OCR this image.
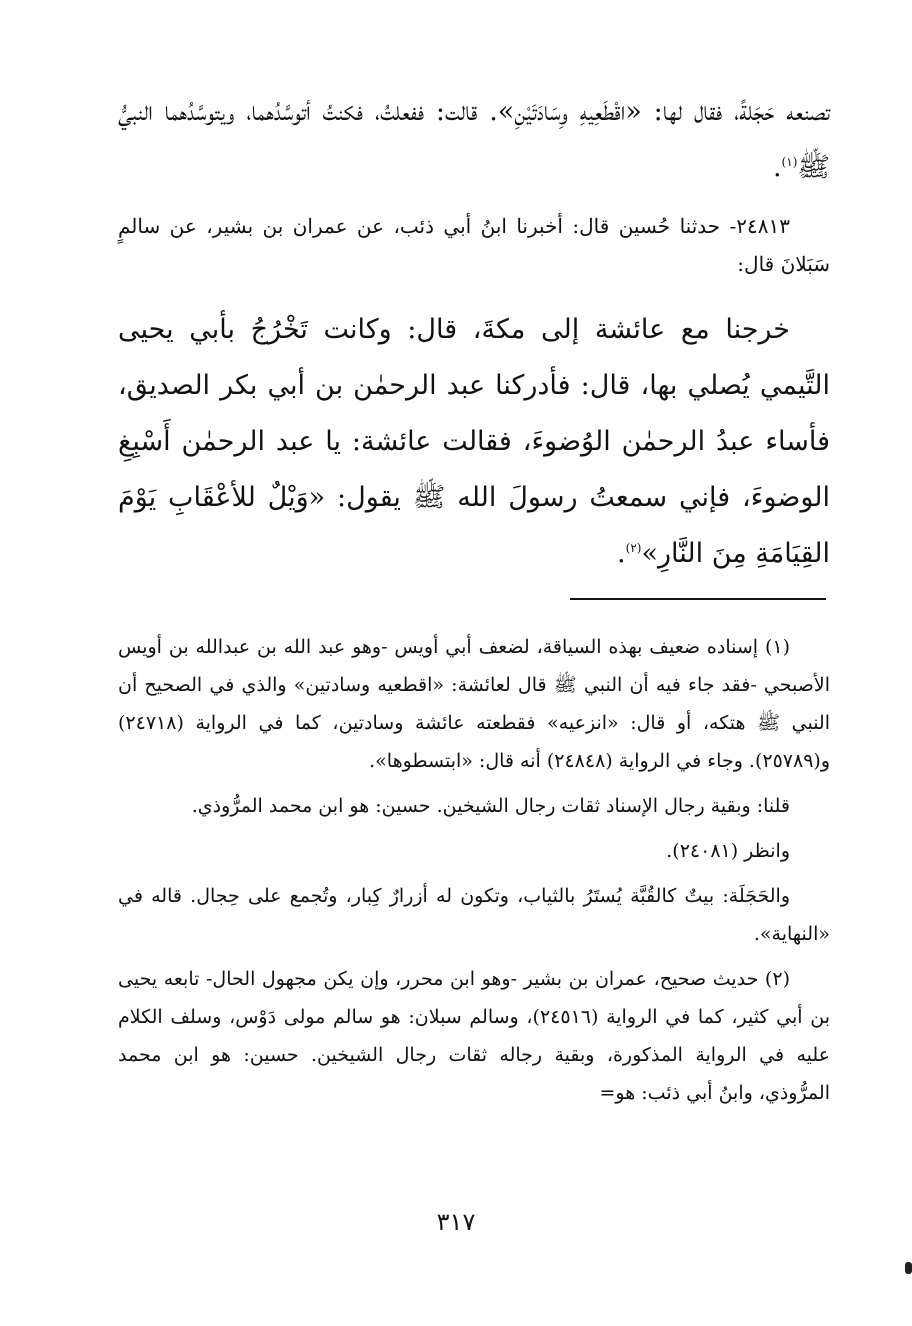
تصنعه حَجَلةً، فقال لها: «اقْطَعِيهِ وِسَادَتَيْنِ». قالت: ففعلتُ، فكنتُ أتوسَّدُهما، ويتوسَّدُهما النبيُّ ﷺ$^{(١)}$.

٢٤٨١٣- حدثنا حُسين قال: أخبرنا ابنُ أبي ذئب، عن عمران بن بشير، عن سالمٍ سَبَلانَ قال:

خرجنا مع عائشة إلى مكةَ، قال: وكانت تَخْرُجُ بأبي يحيى التَّيمي يُصلي بها، قال: فأدركنا عبد الرحمٰن بن أبي بكر الصديق، فأساء عبدُ الرحمٰن الوُضوءَ، فقالت عائشة: يا عبد الرحمٰن أَسْبِغِ الوضوءَ، فإني سمعتُ رسولَ الله ﷺ يقول: «وَيْلٌ للأعْقَابِ يَوْمَ القِيَامَةِ مِنَ النَّارِ»$^{(٢)}$.

(١) إسناده ضعيف بهذه السياقة، لضعف أبي أويس -وهو عبد الله بن عبدالله بن أويس الأصبحي -فقد جاء فيه أن النبي ﷺ قال لعائشة: «اقطعيه وسادتين» والذي في الصحيح أن النبي ﷺ هتكه، أو قال: «انزعيه» فقطعته عائشة وسادتين، كما في الرواية (٢٤٧١٨) و(٢٥٧٨٩). وجاء في الرواية (٢٤٨٤٨) أنه قال: «ابتسطوها».

قلنا: وبقية رجال الإسناد ثقات رجال الشيخين. حسين: هو ابن محمد المرُّوذي.

وانظر (٢٤٠٨١).

والحَجَلَة: بيتٌ كالقُبَّة يُستَرُ بالثياب، وتكون له أزرارٌ كِبار، وتُجمع على حِجال. قاله في «النهاية».

(٢) حديث صحيح، عمران بن بشير -وهو ابن محرر، وإن يكن مجهول الحال- تابعه يحيى بن أبي كثير، كما في الرواية (٢٤٥١٦)، وسالم سبلان: هو سالم مولى دَوْس، وسلف الكلام عليه في الرواية المذكورة، وبقية رجاله ثقات رجال الشيخين. حسين: هو ابن محمد المرُّوذي، وابنُ أبي ذئب: هو=

٣١٧
